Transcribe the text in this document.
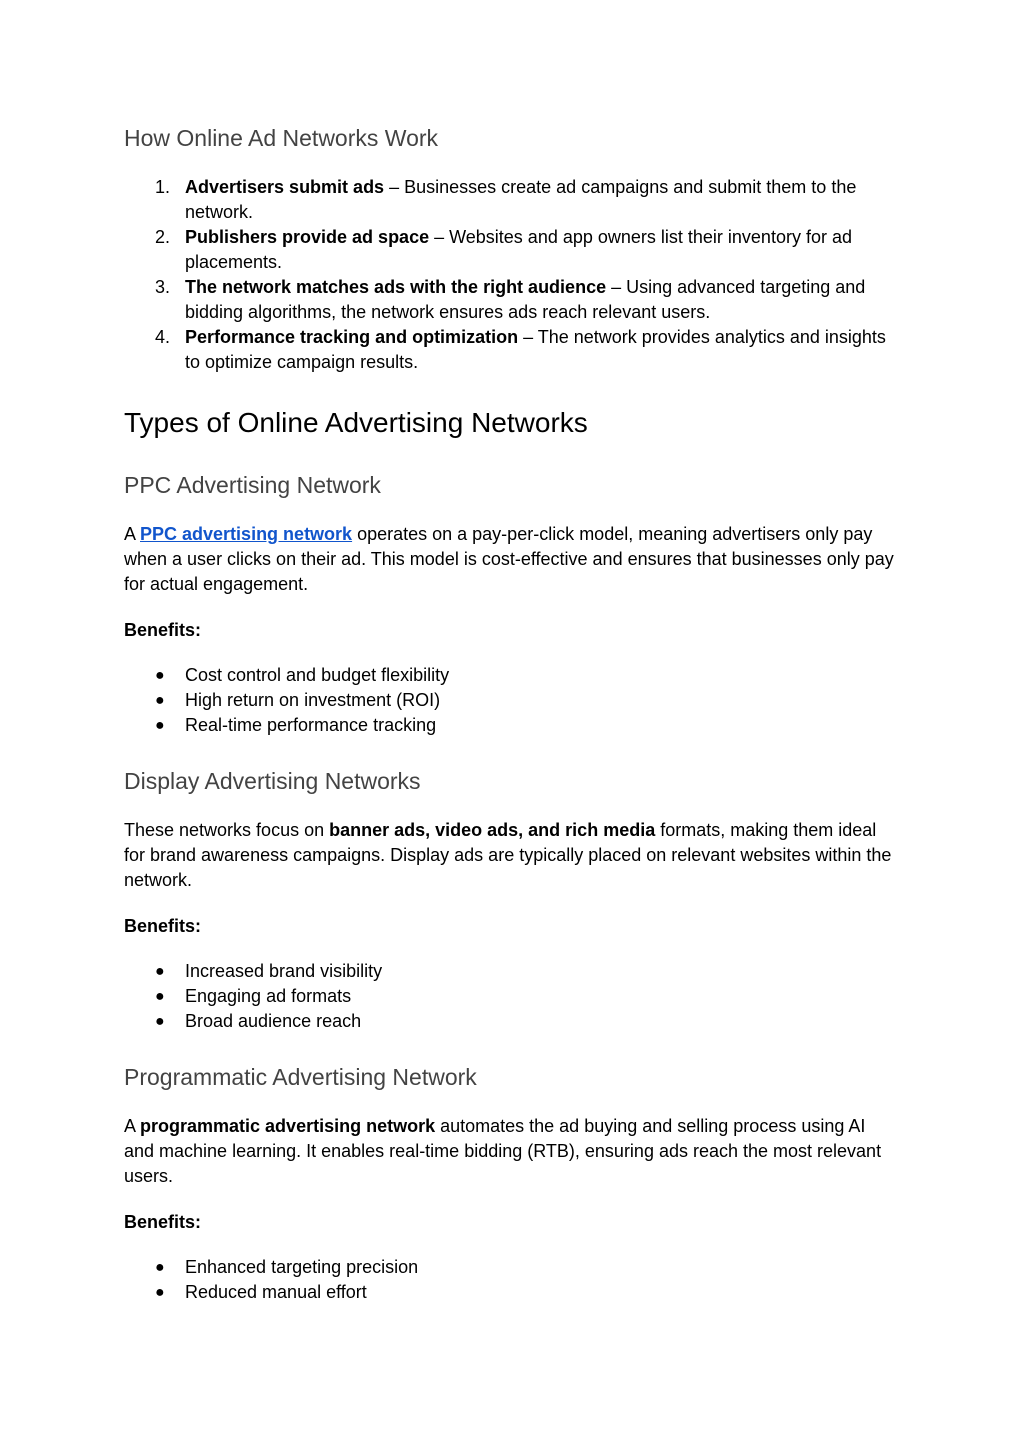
How Online Ad Networks Work
1. Advertisers submit ads – Businesses create ad campaigns and submit them to the network.
2. Publishers provide ad space – Websites and app owners list their inventory for ad placements.
3. The network matches ads with the right audience – Using advanced targeting and bidding algorithms, the network ensures ads reach relevant users.
4. Performance tracking and optimization – The network provides analytics and insights to optimize campaign results.
Types of Online Advertising Networks
PPC Advertising Network

A PPC advertising network operates on a pay-per-click model, meaning advertisers only pay when a user clicks on their ad. This model is cost-effective and ensures that businesses only pay for actual engagement.

Benefits:
● Cost control and budget flexibility
● High return on investment (ROI)
● Real-time performance tracking
Display Advertising Networks

These networks focus on banner ads, video ads, and rich media formats, making them ideal for brand awareness campaigns. Display ads are typically placed on relevant websites within the network.

Benefits:
● Increased brand visibility
● Engaging ad formats
● Broad audience reach
Programmatic Advertising Network

A programmatic advertising network automates the ad buying and selling process using AI and machine learning. It enables real-time bidding (RTB), ensuring ads reach the most relevant users.

Benefits:
● Enhanced targeting precision
● Reduced manual effort
